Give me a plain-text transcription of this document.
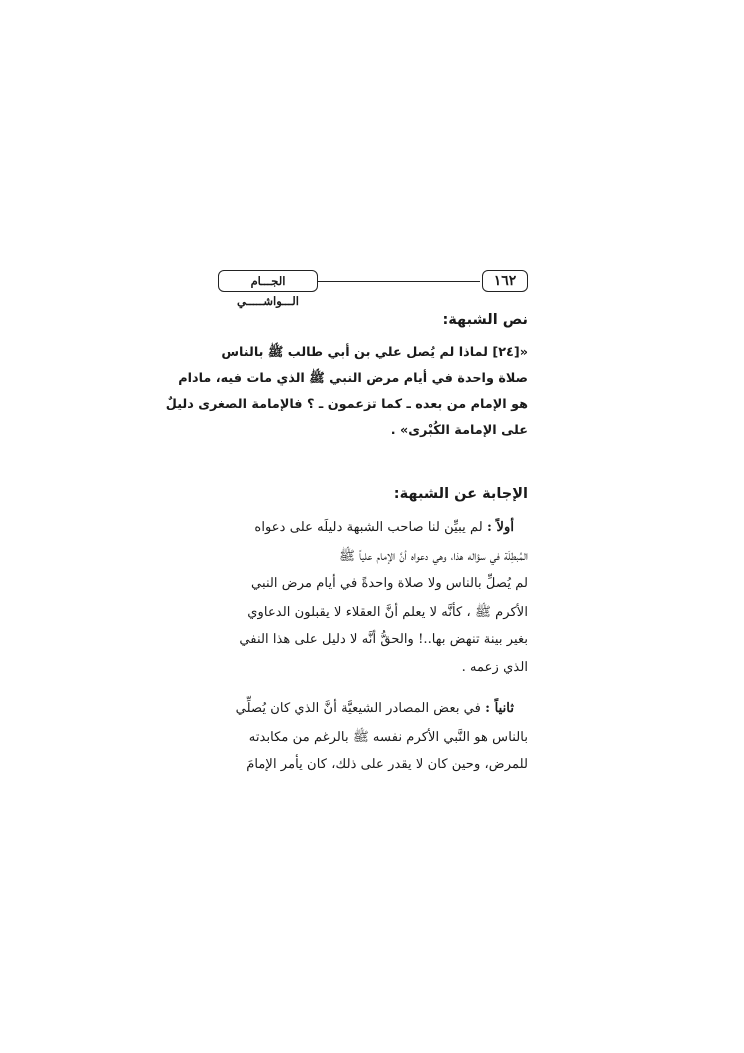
١٦٢
الجـــام الـــواشـــــي
نص الشبهة:
«[٢٤] لماذا لم يُصل علي بن أبي طالب ﷺ بالناس
صلاة واحدة في أيام مرض النبي ﷺ الذي مات فيه، مادام
هو الإمام من بعده ـ كما تزعمون ـ ؟ فالإمامة الصغرى دليلٌ
على الإمامة الكُبْرى» .
الإجابة عن الشبهة:
أولاً : لم يبيِّن لنا صاحب الشبهة دليلَه على دعواه
المُبطِلَة في سؤاله هذا، وهي دعواه أنَّ الإمام علياً ﷺ
لم يُصلِّ بالناس ولا صلاة واحدةً في أيام مرض النبي
الأكرم ﷺ ، كأنَّه لا يعلم أنَّ العقلاء لا يقبلون الدعاوي
بغير بينة تنهض بها..! والحقُّ أنَّه لا دليل على هذا النفي
الذي زعمه .
ثانياً : في بعض المصادر الشيعيَّة أنَّ الذي كان يُصلِّي
بالناس هو النَّبي الأكرم نفسه ﷺ بالرغم من مكابدته
للمرض، وحين كان لا يقدر على ذلك، كان يأمر الإمامَ
